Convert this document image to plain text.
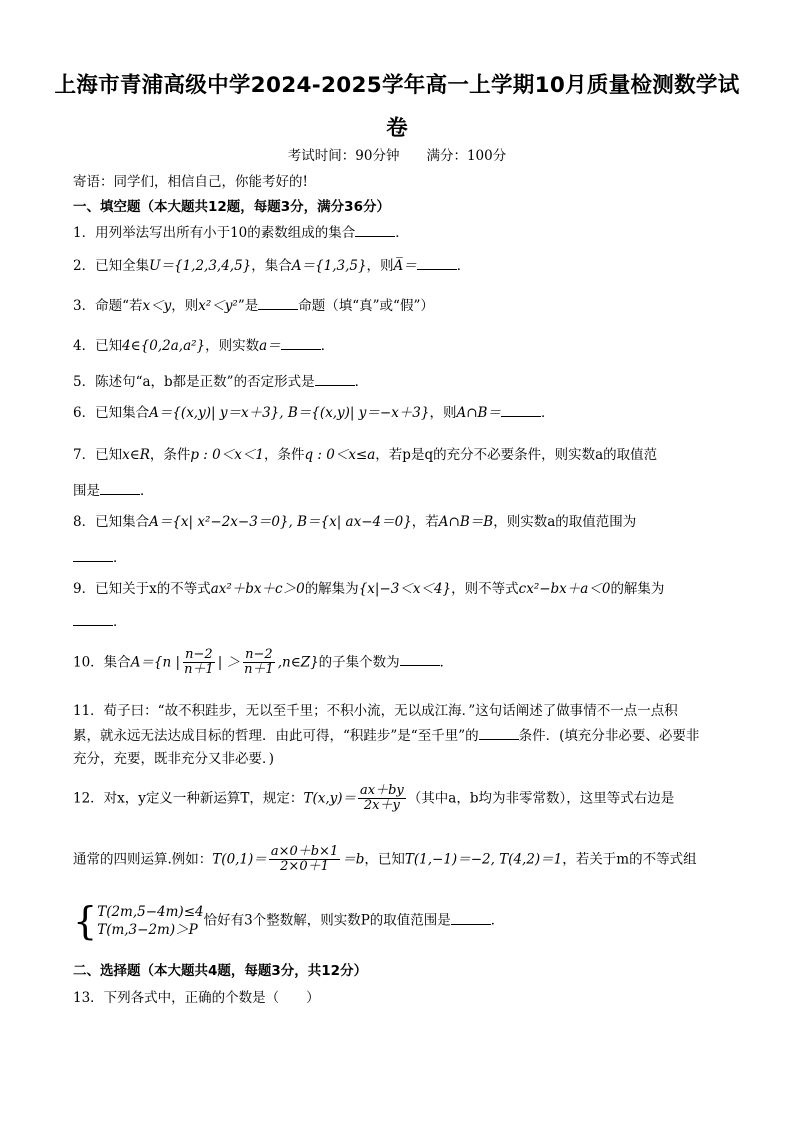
上海市青浦高级中学2024-2025学年高一上学期10月质量检测数学试
卷
考试时间：90分钟　　满分：100分
寄语：同学们，相信自己，你能考好的!
一、填空题（本大题共12题，每题3分，满分36分）
1．用列举法写出所有小于10的素数组成的集合	．
2．已知全集U＝{1,2,3,4,5}，集合A＝{1,3,5}，则A̅＝	．
3．命题“若x＜y，则x²＜y²”是	命题（填“真”或“假”）
4．已知4∈{0,2a,a²}，则实数a＝	．
5．陈述句“a，b都是正数”的否定形式是	．
6．已知集合A＝{(x,y)| y＝x＋3}, B＝{(x,y)| y＝−x＋3}，则A∩B＝	．
7．已知x∈R，条件p : 0＜x＜1，条件q : 0＜x≤a，若p是q的充分不必要条件，则实数a的取值范
围是	．
8．已知集合A＝{x| x²−2x−3＝0}, B＝{x| ax−4＝0}，若A∩B＝B，则实数a的取值范围为
．
9．已知关于x的不等式ax²＋bx＋c＞0的解集为{x|−3＜x＜4}，则不等式cx²−bx＋a＜0的解集为
．
10．集合A＝{n | $\frac{n-2}{n+1}$ | ＞ $\frac{n-2}{n+1}$ ,n∈Z}的子集个数为	．
11．荀子曰：“故不积跬步，无以至千里；不积小流，无以成江海．”这句话阐述了做事情不一点一点积
累，就永远无法达成目标的哲理．由此可得，“积跬步”是“至千里”的	条件．(填充分非必要、必要非
充分，充要，既非充分又非必要．)
12．对x，y定义一种新运算T，规定：$T(x,y)= \frac{ax+by}{2x+y}$ （其中a，b均为非零常数），这里等式右边是
通常的四则运算.例如：$T(0,1)= \frac{a\times 0+b\times 1}{2\times 0+1} =b$，已知T(1,−1)＝−2, T(4,2)＝1，若关于m的不等式组
{ T(2m,5−4m)≤4
T(m,3−2m)＞P
恰好有3个整数解，则实数P的取值范围是	．
二、选择题（本大题共4题，每题3分，共12分）
13．下列各式中，正确的个数是（　　）
